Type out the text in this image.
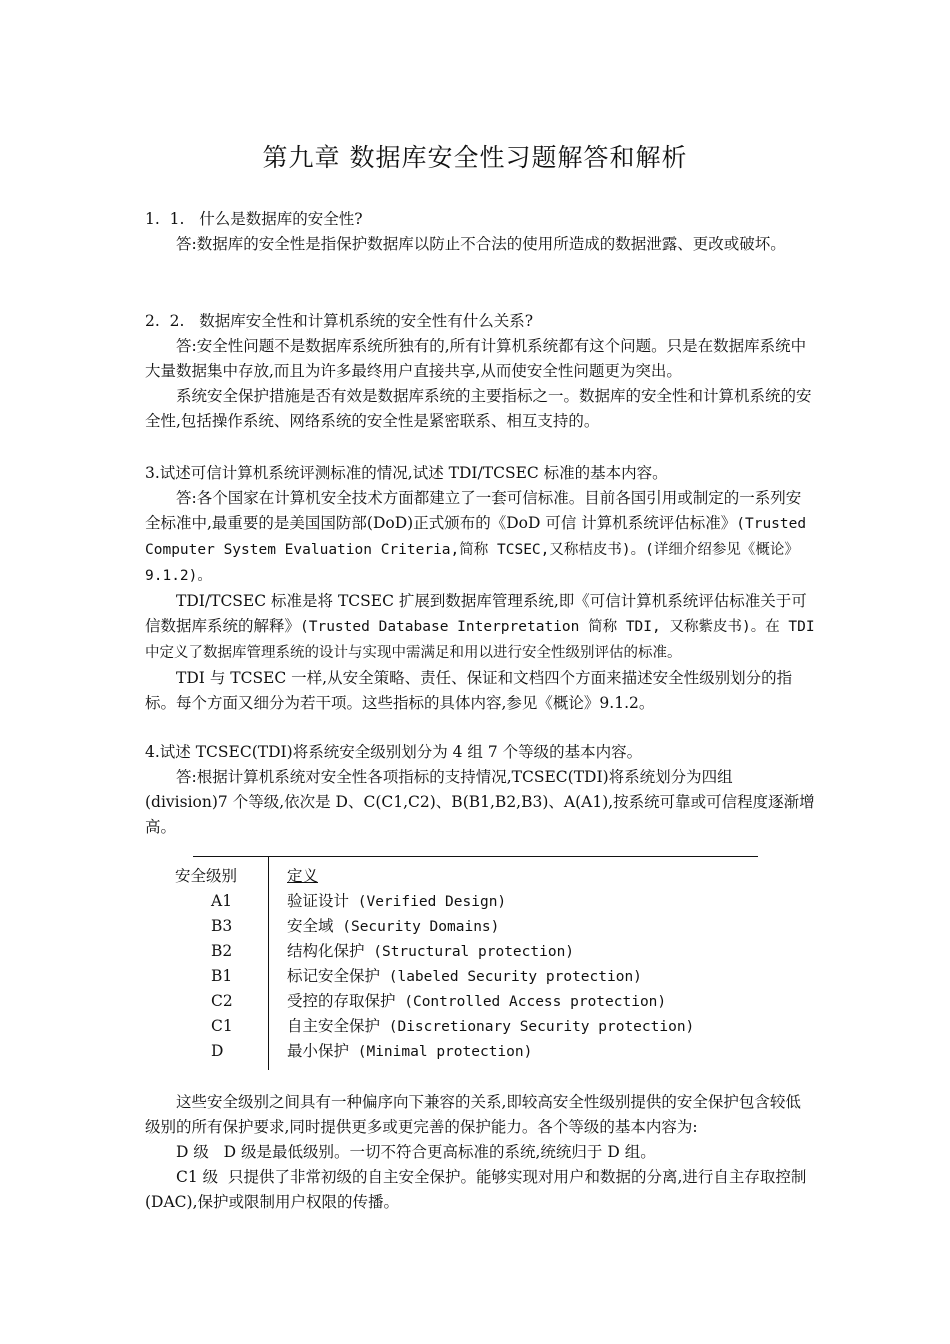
第九章 数据库安全性习题解答和解析
1.  1.   什么是数据库的安全性?

答:数据库的安全性是指保护数据库以防止不合法的使用所造成的数据泄露、更改或破坏。

2.  2.   数据库安全性和计算机系统的安全性有什么关系?

答:安全性问题不是数据库系统所独有的,所有计算机系统都有这个问题。只是在数据库系统中大量数据集中存放,而且为许多最终用户直接共享,从而使安全性问题更为突出。

系统安全保护措施是否有效是数据库系统的主要指标之一。数据库的安全性和计算机系统的安全性,包括操作系统、网络系统的安全性是紧密联系、相互支持的。

3.试述可信计算机系统评测标准的情况,试述 TDI/TCSEC 标准的基本内容。

答:各个国家在计算机安全技术方面都建立了一套可信标准。目前各国引用或制定的一系列安全标准中,最重要的是美国国防部(DoD)正式颁布的《DoD 可信 计算机系统评估标准》(Trusted Computer System Evaluation Criteria,简称 TCSEC,又称桔皮书)。(详细介绍参见《概论》9.1.2)。

TDI/TCSEC 标准是将 TCSEC 扩展到数据库管理系统,即《可信计算机系统评估标准关于可信数据库系统的解释》(Trusted Database Interpretation 简称 TDI, 又称紫皮书)。在 TDI 中定义了数据库管理系统的设计与实现中需满足和用以进行安全性级别评估的标准。

TDI 与 TCSEC 一样,从安全策略、责任、保证和文档四个方面来描述安全性级别划分的指标。每个方面又细分为若干项。这些指标的具体内容,参见《概论》9.1.2。

4.试述 TCSEC(TDI)将系统安全级别划分为 4 组 7 个等级的基本内容。

答:根据计算机系统对安全性各项指标的支持情况,TCSEC(TDI)将系统划分为四组(division)7 个等级,依次是 D、C(C1,C2)、B(B1,B2,B3)、A(A1),按系统可靠或可信程度逐渐增高。

安全级别	定义
A1	验证设计 (Verified Design)
B3	安全域 (Security Domains)
B2	结构化保护 (Structural protection)
B1	标记安全保护 (labeled Security protection)
C2	受控的存取保护 (Controlled Access protection)
C1	自主安全保护 (Discretionary Security protection)
D	最小保护 (Minimal protection)

这些安全级别之间具有一种偏序向下兼容的关系,即较高安全性级别提供的安全保护包含较低级别的所有保护要求,同时提供更多或更完善的保护能力。各个等级的基本内容为:

D 级   D 级是最低级别。一切不符合更高标准的系统,统统归于 D 组。

C1 级  只提供了非常初级的自主安全保护。能够实现对用户和数据的分离,进行自主存取控制(DAC),保护或限制用户权限的传播。
